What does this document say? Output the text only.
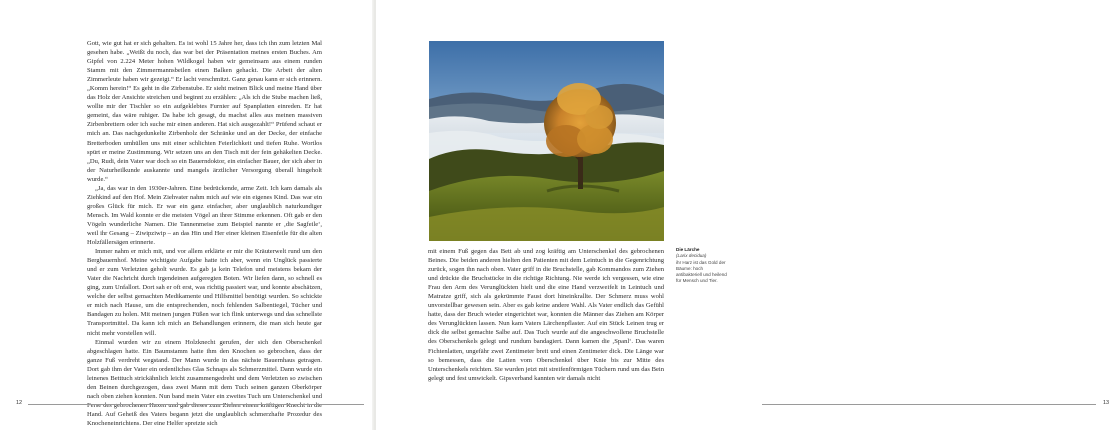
Gott, wie gut hat er sich gehalten. Es ist wohl 15 Jahre her, dass ich ihn zum letzten Mal gesehen habe. „Weißt du noch, das war bei der Präsentation meines ersten Buches. Am Gipfel von 2.224 Meter hohen Wildkogel haben wir gemeinsam aus einem runden Stamm mit den Zimmermannsbeilen einen Balken gehackt. Die Arbeit der alten Zimmerleute haben wir gezeigt.“ Er lacht verschmitzt. Ganz genau kann er sich erinnern. „Komm herein!“ Es geht in die Zirbenstube. Er sieht meinen Blick und meine Hand über das Holz der Ansichte streichen und beginnt zu erzählen: „Als ich die Stube machen ließ, wollte mir der Tischler so ein aufgeklebtes Furnier auf Spanplatten einreden. Er hat gemeint, das wäre ruhiger. Da habe ich gesagt, du machst alles aus meinen massiven Zirbenbrettern oder ich suche mir einen anderen. Hat sich ausgezahlt!“ Prüfend schaut er mich an. Das nachgedunkelte Zirbenholz der Schränke und an der Decke, der einfache Bretterboden umhüllen uns mit einer schlichten Feierlichkeit und tiefen Ruhe. Wortlos spürt er meine Zustimmung. Wir setzen uns an den Tisch mit der fein gehäkelten Decke. „Du, Rudi, dein Vater war doch so ein Bauerndoktor, ein einfacher Bauer, der sich aber in der Naturheilkunde auskannte und mangels ärztlicher Versorgung überall hingeholt wurde.“

„Ja, das war in den 1930er-Jahren. Eine bedrückende, arme Zeit. Ich kam damals als Ziehkind auf den Hof. Mein Ziehvater nahm mich auf wie ein eigenes Kind. Das war ein großes Glück für mich. Er war ein ganz einfacher, aber unglaublich naturkundiger Mensch. Im Wald konnte er die meisten Vögel an ihrer Stimme erkennen. Oft gab er den Vögeln wunderliche Namen. Die Tannenmeise zum Beispiel nannte er ‚die Sagfeile‘, weil ihr Gesang – Ziwipziwip – an das Hin und Her einer kleinen Eisenfeile für die alten Holzfällersägen erinnerte.

Immer nahm er mich mit, und vor allem erklärte er mir die Kräuterwelt rund um den Bergbauernhof. Meine wichtigste Aufgabe hatte ich aber, wenn ein Unglück passierte und er zum Verletzten geholt wurde. Es gab ja kein Telefon und meistens bekam der Vater die Nachricht durch irgendeinen aufgeregten Boten. Wir liefen dann, so schnell es ging, zum Unfallort. Dort sah er oft erst, was richtig passiert war, und konnte abschätzen, welche der selbst gemachten Medikamente und Hilfsmittel benötigt wurden. So schickte er mich nach Hause, um die entsprechenden, noch fehlenden Salbentiegel, Tücher und Bandagen zu holen. Mit meinen jungen Füßen war ich flink unterwegs und das schnellste Transportmittel. Da kann ich mich an Behandlungen erinnern, die man sich heute gar nicht mehr vorstellen will.

Einmal wurden wir zu einem Holzknecht gerufen, der sich den Oberschenkel abgeschlagen hatte. Ein Baumstamm hatte ihm den Knochen so gebrochen, dass der ganze Fuß verdreht wegstand. Der Mann wurde in das nächste Bauernhaus getragen. Dort gab ihm der Vater ein ordentliches Glas Schnaps als Schmerzmittel. Dann wurde ein leinenes Betttuch strickähnlich leicht zusammengedreht und dem Verletzten so zwischen den Beinen durchgezogen, dass zwei Mann mit dem Tuch seinen ganzen Oberkörper nach oben ziehen konnten. Nun band mein Vater ein zweites Tuch um Unterschenkel und Ferse des gebrochenen Haxen und gab dieses zum Ziehen einem kräftigen Knecht in die Hand. Auf Geheiß des Vaters begann jetzt die unglaublich schmerzhafte Prozedur des Knocheneinrichtens. Der eine Helfer spreizte sich

12	13

mit einem Fuß gegen das Bett ab und zog kräftig am Unterschenkel des gebrochenen Beines. Die beiden anderen hielten den Patienten mit dem Leintuch in die Gegenrichtung zurück, sogen ihn nach oben. Vater griff in die Bruchstelle, gab Kommandos zum Ziehen und drückte die Bruchstücke in die richtige Richtung. Nie werde ich vergessen, wie eine Frau den Arm des Verunglückten hielt und die eine Hand verzweifelt in Leintuch und Matratze griff, sich als gekrümmte Faust dort hineinkrallte. Der Schmerz muss wohl unvorstellbar gewesen sein. Aber es gab keine andere Wahl. Als Vater endlich das Gefühl hatte, dass der Bruch wieder eingerichtet war, konnten die Männer das Ziehen am Körper des Verunglückten lassen. Nun kam Vaters Lärchenpflaster. Auf ein Stück Leinen trug er dick die selbst gemachte Salbe auf. Das Tuch wurde auf die angeschwollene Bruchstelle des Oberschenkels gelegt und rundum bandagiert. Dann kamen die ‚Spanl‘. Das waren Fichtenlatten, ungefähr zwei Zentimeter breit und einen Zentimeter dick. Die Länge war so bemessen, dass die Latten vom Oberschenkel über Knie bis zur Mitte des Unterschenkels reichten. Sie wurden jetzt mit streifenförmigen Tüchern rund um das Bein gelegt und fest umwickelt. Gipsverband kannten wir damals nicht

Die Lärche
(Larix decidua)
ihr Harz ist das Gold der Bäume: hoch antibakteriell und heilend für Mensch und Tier.
